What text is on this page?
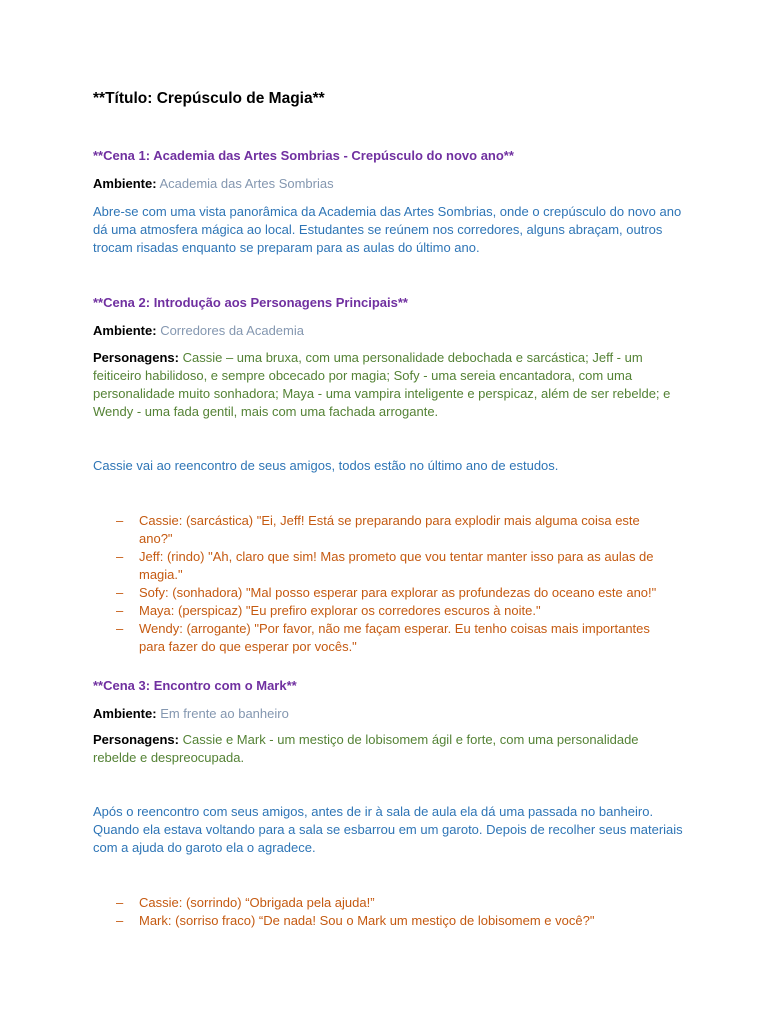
**Título: Crepúsculo de Magia**

**Cena 1: Academia das Artes Sombrias - Crepúsculo do novo ano**

Ambiente: Academia das Artes Sombrias

Abre-se com uma vista panorâmica da Academia das Artes Sombrias, onde o crepúsculo do novo ano dá uma atmosfera mágica ao local. Estudantes se reúnem nos corredores, alguns abraçam, outros trocam risadas enquanto se preparam para as aulas do último ano.

**Cena 2: Introdução aos Personagens Principais**

Ambiente: Corredores da Academia

Personagens: Cassie – uma bruxa, com uma personalidade debochada e sarcástica; Jeff - um feiticeiro habilidoso, e sempre obcecado por magia; Sofy - uma sereia encantadora, com uma personalidade muito sonhadora; Maya - uma vampira inteligente e perspicaz, além de ser rebelde; e Wendy - uma fada gentil, mais com uma fachada arrogante.

Cassie vai ao reencontro de seus amigos, todos estão no último ano de estudos.

– Cassie: (sarcástica) "Ei, Jeff! Está se preparando para explodir mais alguma coisa este ano?"
– Jeff: (rindo) "Ah, claro que sim! Mas prometo que vou tentar manter isso para as aulas de magia."
– Sofy: (sonhadora) "Mal posso esperar para explorar as profundezas do oceano este ano!"
– Maya: (perspicaz) "Eu prefiro explorar os corredores escuros à noite."
– Wendy: (arrogante) "Por favor, não me façam esperar. Eu tenho coisas mais importantes para fazer do que esperar por vocês."

**Cena 3: Encontro com o Mark**

Ambiente: Em frente ao banheiro

Personagens: Cassie e Mark - um mestiço de lobisomem ágil e forte, com uma personalidade rebelde e despreocupada.

Após o reencontro com seus amigos, antes de ir à sala de aula ela dá uma passada no banheiro. Quando ela estava voltando para a sala se esbarrou em um garoto. Depois de recolher seus materiais com a ajuda do garoto ela o agradece.

– Cassie: (sorrindo) “Obrigada pela ajuda!”
– Mark: (sorriso fraco) “De nada! Sou o Mark um mestiço de lobisomem e você?"
